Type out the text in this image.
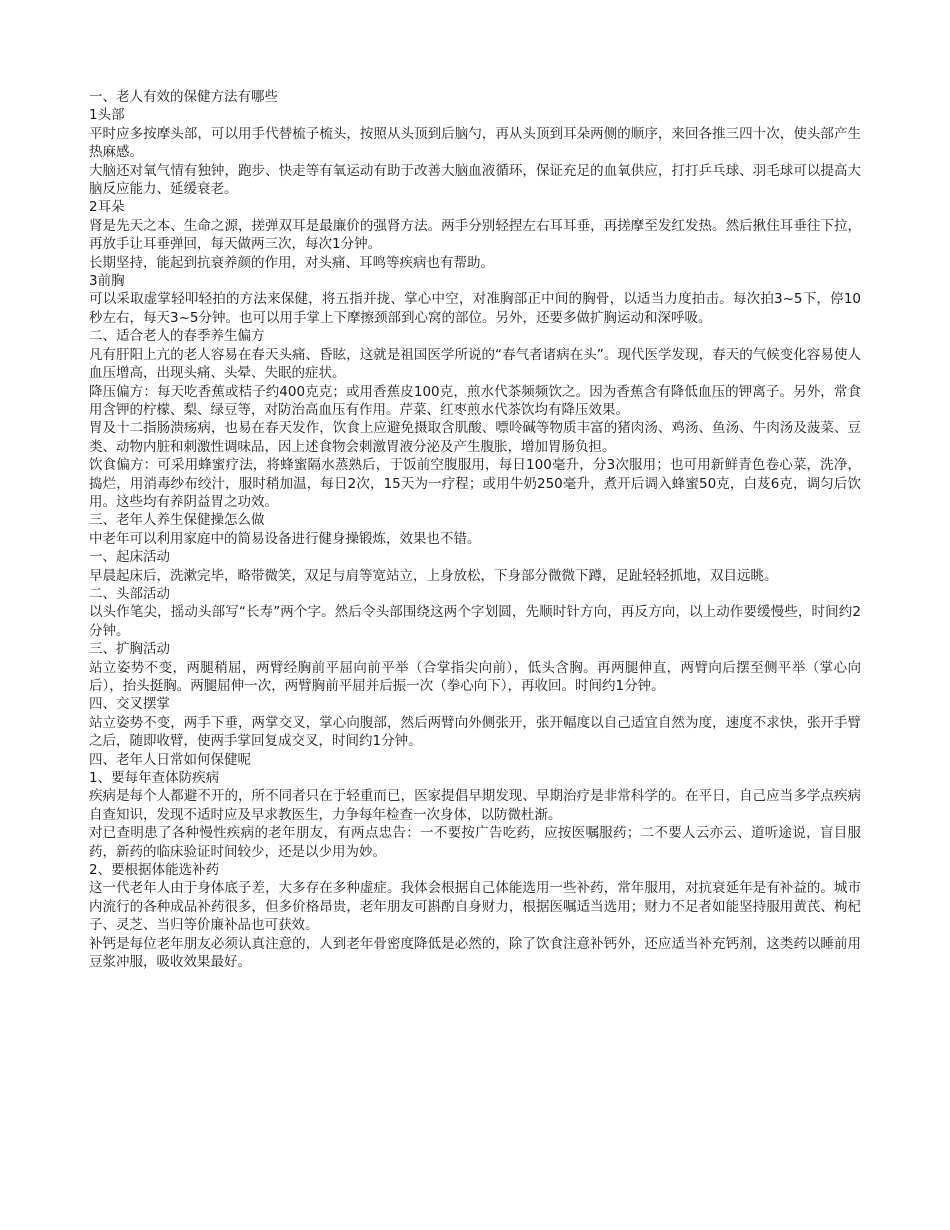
一、老人有效的保健方法有哪些

1头部

平时应多按摩头部，可以用手代替梳子梳头，按照从头顶到后脑勺，再从头顶到耳朵两侧的顺序，来回各推三四十次，使头部产生热麻感。

大脑还对氧气情有独钟，跑步、快走等有氧运动有助于改善大脑血液循环，保证充足的血氧供应，打打乒乓球、羽毛球可以提高大脑反应能力、延缓衰老。

2耳朵

肾是先天之本、生命之源，搓弹双耳是最廉价的强肾方法。两手分别轻捏左右耳耳垂，再搓摩至发红发热。然后揪住耳垂往下拉，再放手让耳垂弹回，每天做两三次，每次1分钟。

长期坚持，能起到抗衰养颜的作用，对头痛、耳鸣等疾病也有帮助。

3前胸

可以采取虚掌轻叩轻拍的方法来保健，将五指并拢、掌心中空，对准胸部正中间的胸骨，以适当力度拍击。每次拍3~5下，停10秒左右，每天3~5分钟。也可以用手掌上下摩擦颈部到心窝的部位。另外，还要多做扩胸运动和深呼吸。

二、适合老人的春季养生偏方

凡有肝阳上亢的老人容易在春天头痛、昏眩，这就是祖国医学所说的“春气者诸病在头”。现代医学发现，春天的气候变化容易使人血压增高，出现头痛、头晕、失眠的症状。

降压偏方：每天吃香蕉或桔子约400克克；或用香蕉皮100克，煎水代茶频频饮之。因为香蕉含有降低血压的钾离子。另外，常食用含钾的柠檬、梨、绿豆等，对防治高血压有作用。芹菜、红枣煎水代茶饮均有降压效果。

胃及十二指肠溃疡病，也易在春天发作，饮食上应避免摄取含肌酸、嘌呤碱等物质丰富的猪肉汤、鸡汤、鱼汤、牛肉汤及菠菜、豆类、动物内脏和刺激性调味品，因上述食物会刺激胃液分泌及产生腹胀，增加胃肠负担。

饮食偏方：可采用蜂蜜疗法，将蜂蜜隔水蒸熟后，于饭前空腹服用，每日100毫升，分3次服用；也可用新鲜青色卷心菜，洗净，捣烂，用消毒纱布绞汁，服时稍加温，每日2次，15天为一疗程；或用牛奶250毫升，煮开后调入蜂蜜50克，白芨6克，调匀后饮用。这些均有养阴益胃之功效。

三、老年人养生保健操怎么做

中老年可以利用家庭中的简易设备进行健身操锻炼，效果也不错。

一、起床活动

早晨起床后，洗漱完毕，略带微笑，双足与肩等宽站立，上身放松，下身部分微微下蹲，足趾轻轻抓地，双目远眺。

二、头部活动

以头作笔尖，摇动头部写“长寿”两个字。然后令头部围绕这两个字划圆，先顺时针方向，再反方向，以上动作要缓慢些，时间约2分钟。

三、扩胸活动

站立姿势不变，两腿稍屈，两臂经胸前平屈向前平举（合掌指尖向前），低头含胸。再两腿伸直，两臂向后摆至侧平举（掌心向后），抬头挺胸。两腿屈伸一次，两臂胸前平屈并后振一次（拳心向下），再收回。时间约1分钟。

四、交叉摆掌

站立姿势不变，两手下垂，两掌交叉，掌心向腹部，然后两臂向外侧张开，张开幅度以自己适宜自然为度，速度不求快，张开手臂之后，随即收臂，使两手掌回复成交叉，时间约1分钟。

四、老年人日常如何保健呢

1、要每年查体防疾病

疾病是每个人都避不开的，所不同者只在于轻重而已，医家提倡早期发现、早期治疗是非常科学的。在平日，自己应当多学点疾病自查知识，发现不适时应及早求教医生，力争每年检查一次身体，以防微杜渐。

对已查明患了各种慢性疾病的老年朋友，有两点忠告：一不要按广告吃药，应按医嘱服药；二不要人云亦云、道听途说，盲目服药，新药的临床验证时间较少，还是以少用为妙。

2、要根据体能选补药

这一代老年人由于身体底子差，大多存在多种虚症。我体会根据自己体能选用一些补药，常年服用，对抗衰延年是有补益的。城市内流行的各种成品补药很多，但多价格昂贵，老年朋友可斟酌自身财力，根据医嘱适当选用；财力不足者如能坚持服用黄芪、枸杞子、灵芝、当归等价廉补品也可获效。

补钙是每位老年朋友必须认真注意的，人到老年骨密度降低是必然的，除了饮食注意补钙外，还应适当补充钙剂，这类药以睡前用豆浆冲服，吸收效果最好。
